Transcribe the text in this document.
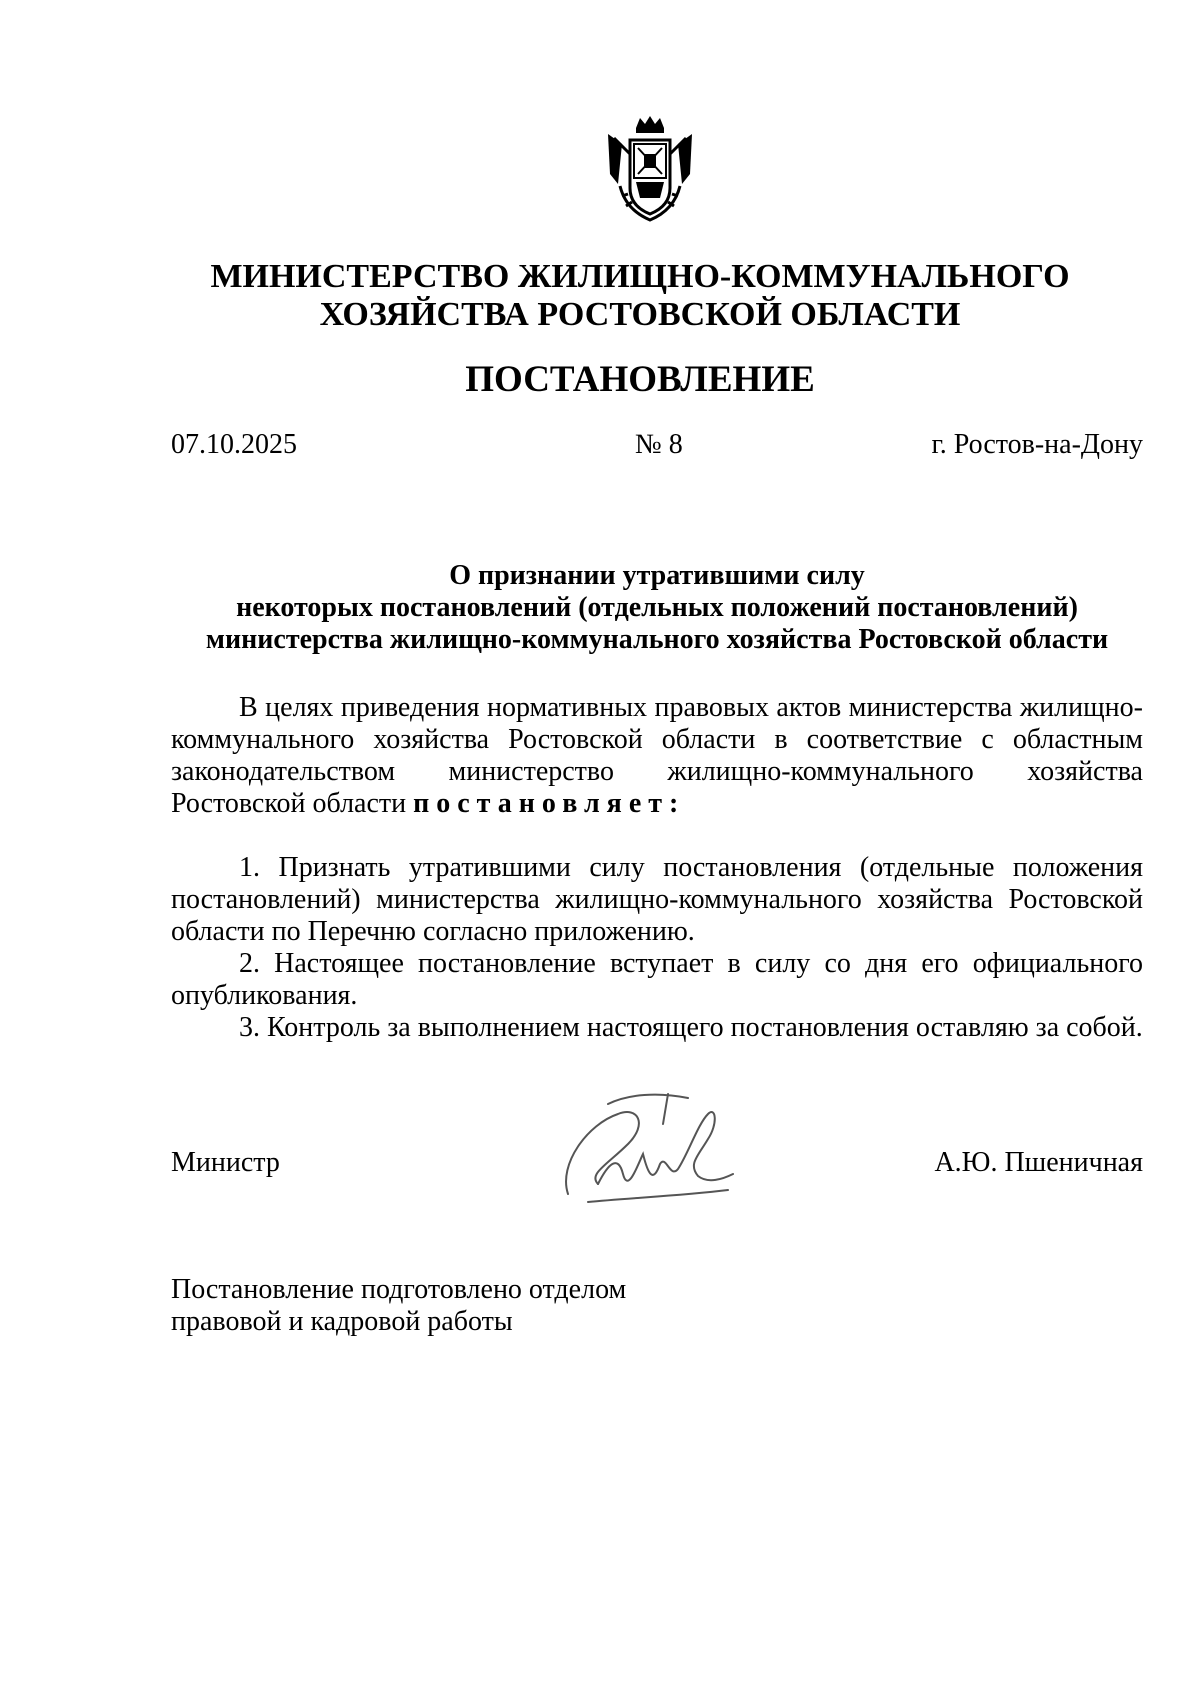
МИНИСТЕРСТВО ЖИЛИЩНО-КОММУНАЛЬНОГО
ХОЗЯЙСТВА РОСТОВСКОЙ ОБЛАСТИ
ПОСТАНОВЛЕНИЕ
07.10.2025	№ 8	г. Ростов-на-Дону
О признании утратившими силу
некоторых постановлений (отдельных положений постановлений)
министерства жилищно-коммунального хозяйства Ростовской области

В целях приведения нормативных правовых актов министерства жилищно-коммунального хозяйства Ростовской области в соответствие с областным законодательством министерство жилищно-коммунального хозяйства Ростовской области постановляет:

1. Признать утратившими силу постановления (отдельные положения постановлений) министерства жилищно-коммунального хозяйства Ростовской области по Перечню согласно приложению.

2. Настоящее постановление вступает в силу со дня его официального опубликования.

3. Контроль за выполнением настоящего постановления оставляю за собой.

Министр	А.Ю. Пшеничная
Постановление подготовлено отделом
правовой и кадровой работы
